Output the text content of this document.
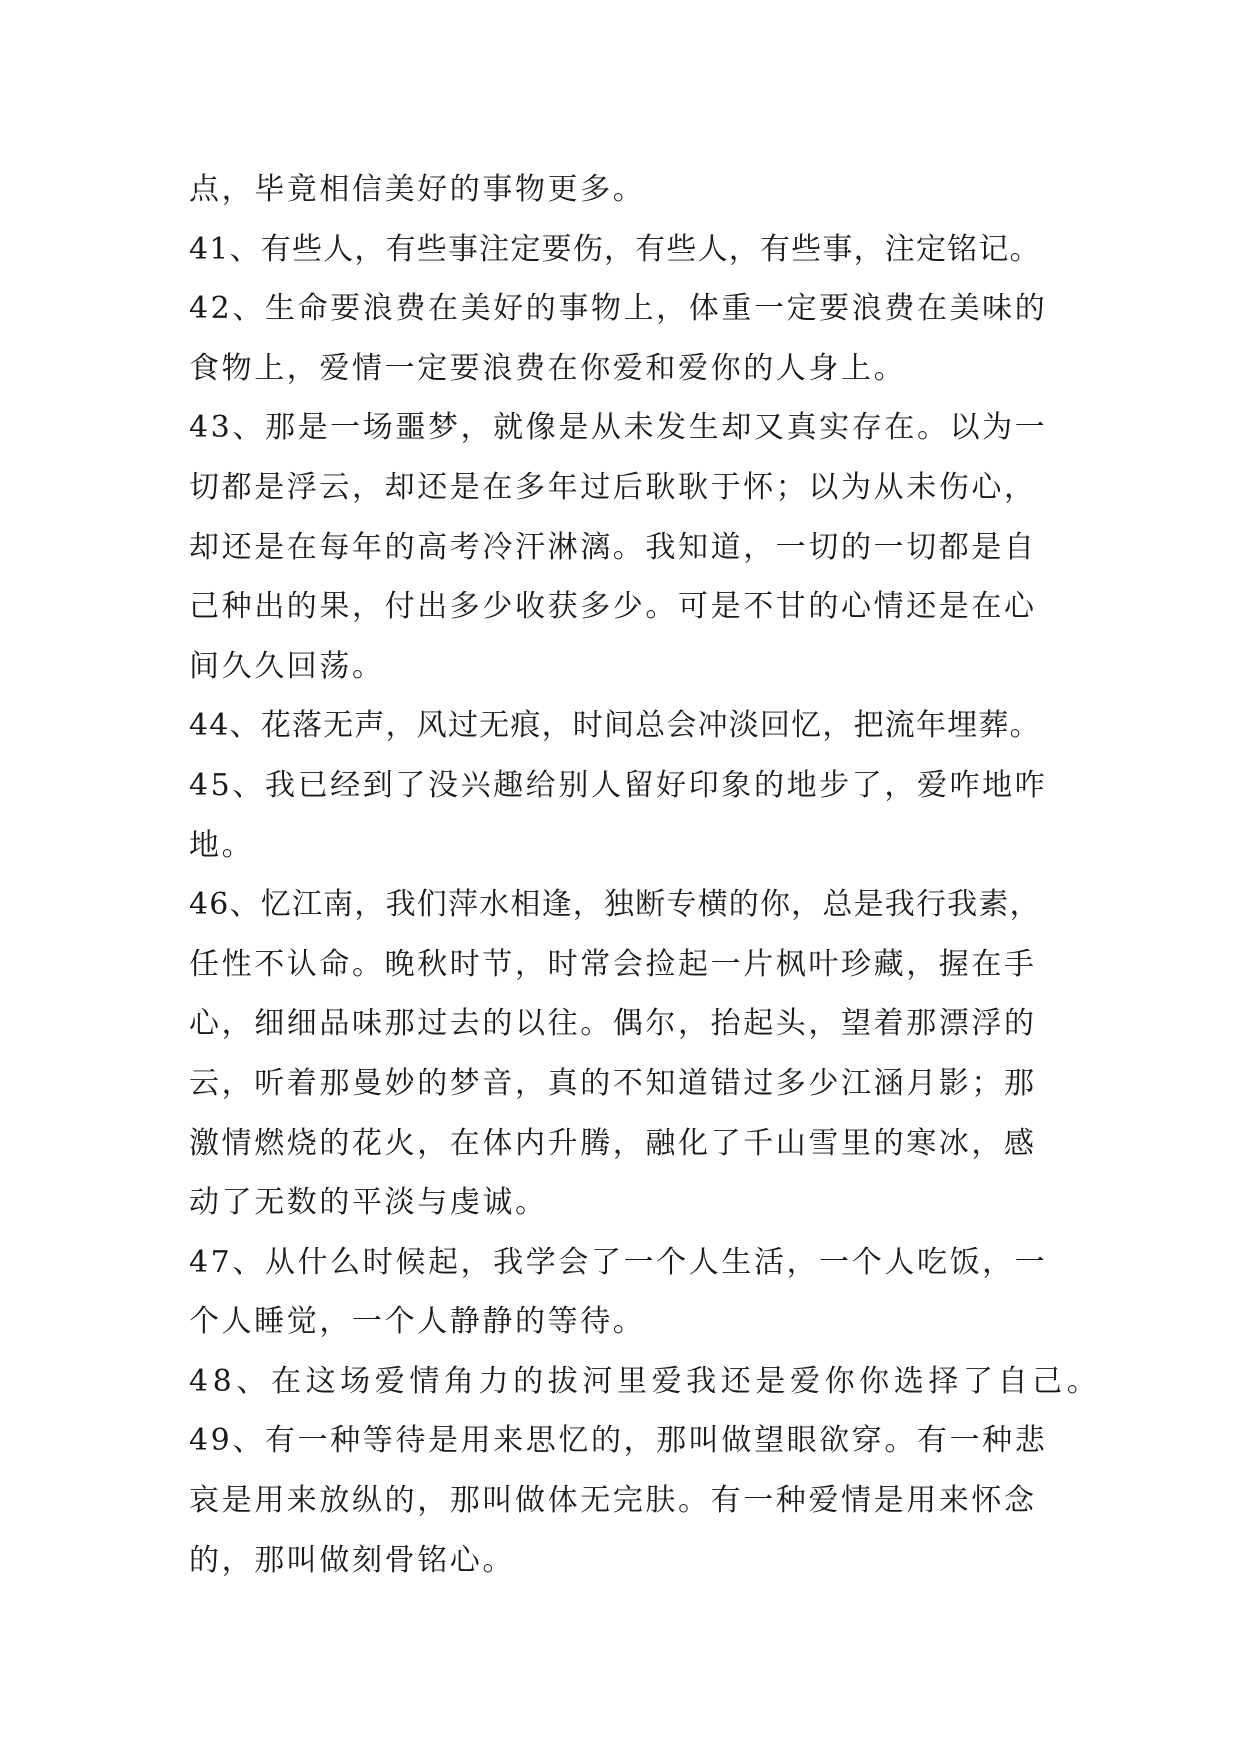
点，毕竟相信美好的事物更多。
41、有些人，有些事注定要伤，有些人，有些事，注定铭记。
42、生命要浪费在美好的事物上，体重一定要浪费在美味的
食物上，爱情一定要浪费在你爱和爱你的人身上。
43、那是一场噩梦，就像是从未发生却又真实存在。以为一
切都是浮云，却还是在多年过后耿耿于怀；以为从未伤心，
却还是在每年的高考冷汗淋漓。我知道，一切的一切都是自
己种出的果，付出多少收获多少。可是不甘的心情还是在心
间久久回荡。
44、花落无声，风过无痕，时间总会冲淡回忆，把流年埋葬。
45、我已经到了没兴趣给别人留好印象的地步了，爱咋地咋
地。
46、忆江南，我们萍水相逢，独断专横的你，总是我行我素，
任性不认命。晚秋时节，时常会捡起一片枫叶珍藏，握在手
心，细细品味那过去的以往。偶尔，抬起头，望着那漂浮的
云，听着那曼妙的梦音，真的不知道错过多少江涵月影；那
激情燃烧的花火，在体内升腾，融化了千山雪里的寒冰，感
动了无数的平淡与虔诚。
47、从什么时候起，我学会了一个人生活，一个人吃饭，一
个人睡觉，一个人静静的等待。
48、在这场爱情角力的拔河里爱我还是爱你你选择了自己。
49、有一种等待是用来思忆的，那叫做望眼欲穿。有一种悲
哀是用来放纵的，那叫做体无完肤。有一种爱情是用来怀念
的，那叫做刻骨铭心。
